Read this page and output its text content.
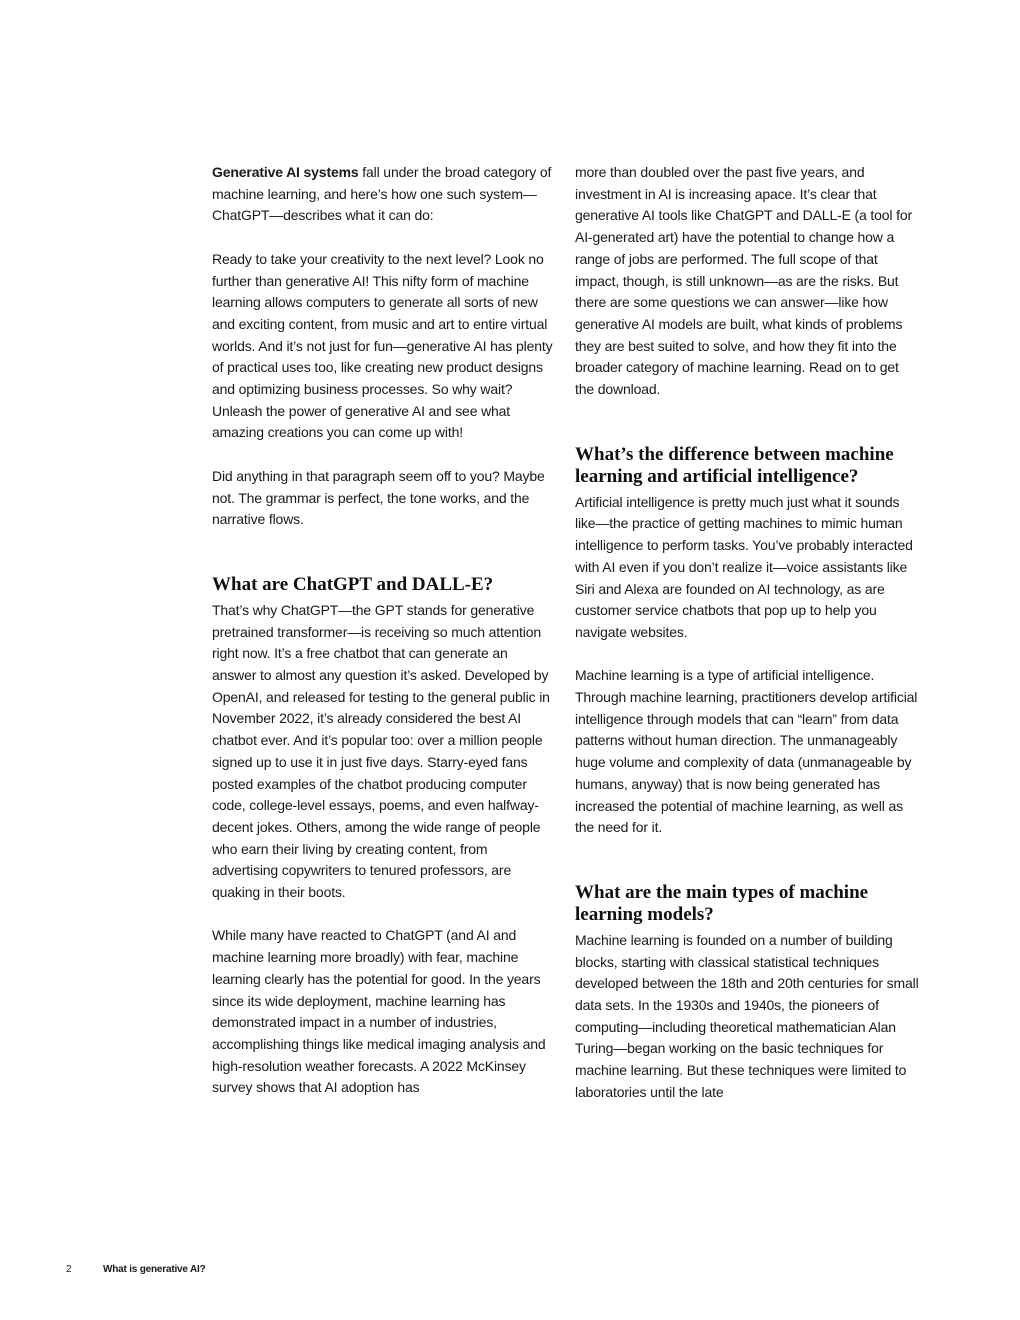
Generative AI systems fall under the broad category of machine learning, and here’s how one such system—ChatGPT—describes what it can do:

Ready to take your creativity to the next level? Look no further than generative AI! This nifty form of machine learning allows computers to generate all sorts of new and exciting content, from music and art to entire virtual worlds. And it’s not just for fun—generative AI has plenty of practical uses too, like creating new product designs and optimizing business processes. So why wait? Unleash the power of generative AI and see what amazing creations you can come up with!

Did anything in that paragraph seem off to you? Maybe not. The grammar is perfect, the tone works, and the narrative flows.

What are ChatGPT and DALL-E?

That’s why ChatGPT—the GPT stands for generative pretrained transformer—is receiving so much attention right now. It’s a free chatbot that can generate an answer to almost any question it’s asked. Developed by OpenAI, and released for testing to the general public in November 2022, it’s already considered the best AI chatbot ever. And it’s popular too: over a million people signed up to use it in just five days. Starry-eyed fans posted examples of the chatbot producing computer code, college-level essays, poems, and even halfway-decent jokes. Others, among the wide range of people who earn their living by creating content, from advertising copywriters to tenured professors, are quaking in their boots.

While many have reacted to ChatGPT (and AI and machine learning more broadly) with fear, machine learning clearly has the potential for good. In the years since its wide deployment, machine learning has demonstrated impact in a number of industries, accomplishing things like medical imaging analysis and high-resolution weather forecasts. A 2022 McKinsey survey shows that AI adoption has

more than doubled over the past five years, and investment in AI is increasing apace. It’s clear that generative AI tools like ChatGPT and DALL-E (a tool for AI-generated art) have the potential to change how a range of jobs are performed. The full scope of that impact, though, is still unknown—as are the risks. But there are some questions we can answer—like how generative AI models are built, what kinds of problems they are best suited to solve, and how they fit into the broader category of machine learning. Read on to get the download.

What’s the difference between machine learning and artificial intelligence?

Artificial intelligence is pretty much just what it sounds like—the practice of getting machines to mimic human intelligence to perform tasks. You’ve probably interacted with AI even if you don’t realize it—voice assistants like Siri and Alexa are founded on AI technology, as are customer service chatbots that pop up to help you navigate websites.

Machine learning is a type of artificial intelligence. Through machine learning, practitioners develop artificial intelligence through models that can “learn” from data patterns without human direction. The unmanageably huge volume and complexity of data (unmanageable by humans, anyway) that is now being generated has increased the potential of machine learning, as well as the need for it.

What are the main types of machine learning models?

Machine learning is founded on a number of building blocks, starting with classical statistical techniques developed between the 18th and 20th centuries for small data sets. In the 1930s and 1940s, the pioneers of computing—including theoretical mathematician Alan Turing—began working on the basic techniques for machine learning. But these techniques were limited to laboratories until the late

2	What is generative AI?
